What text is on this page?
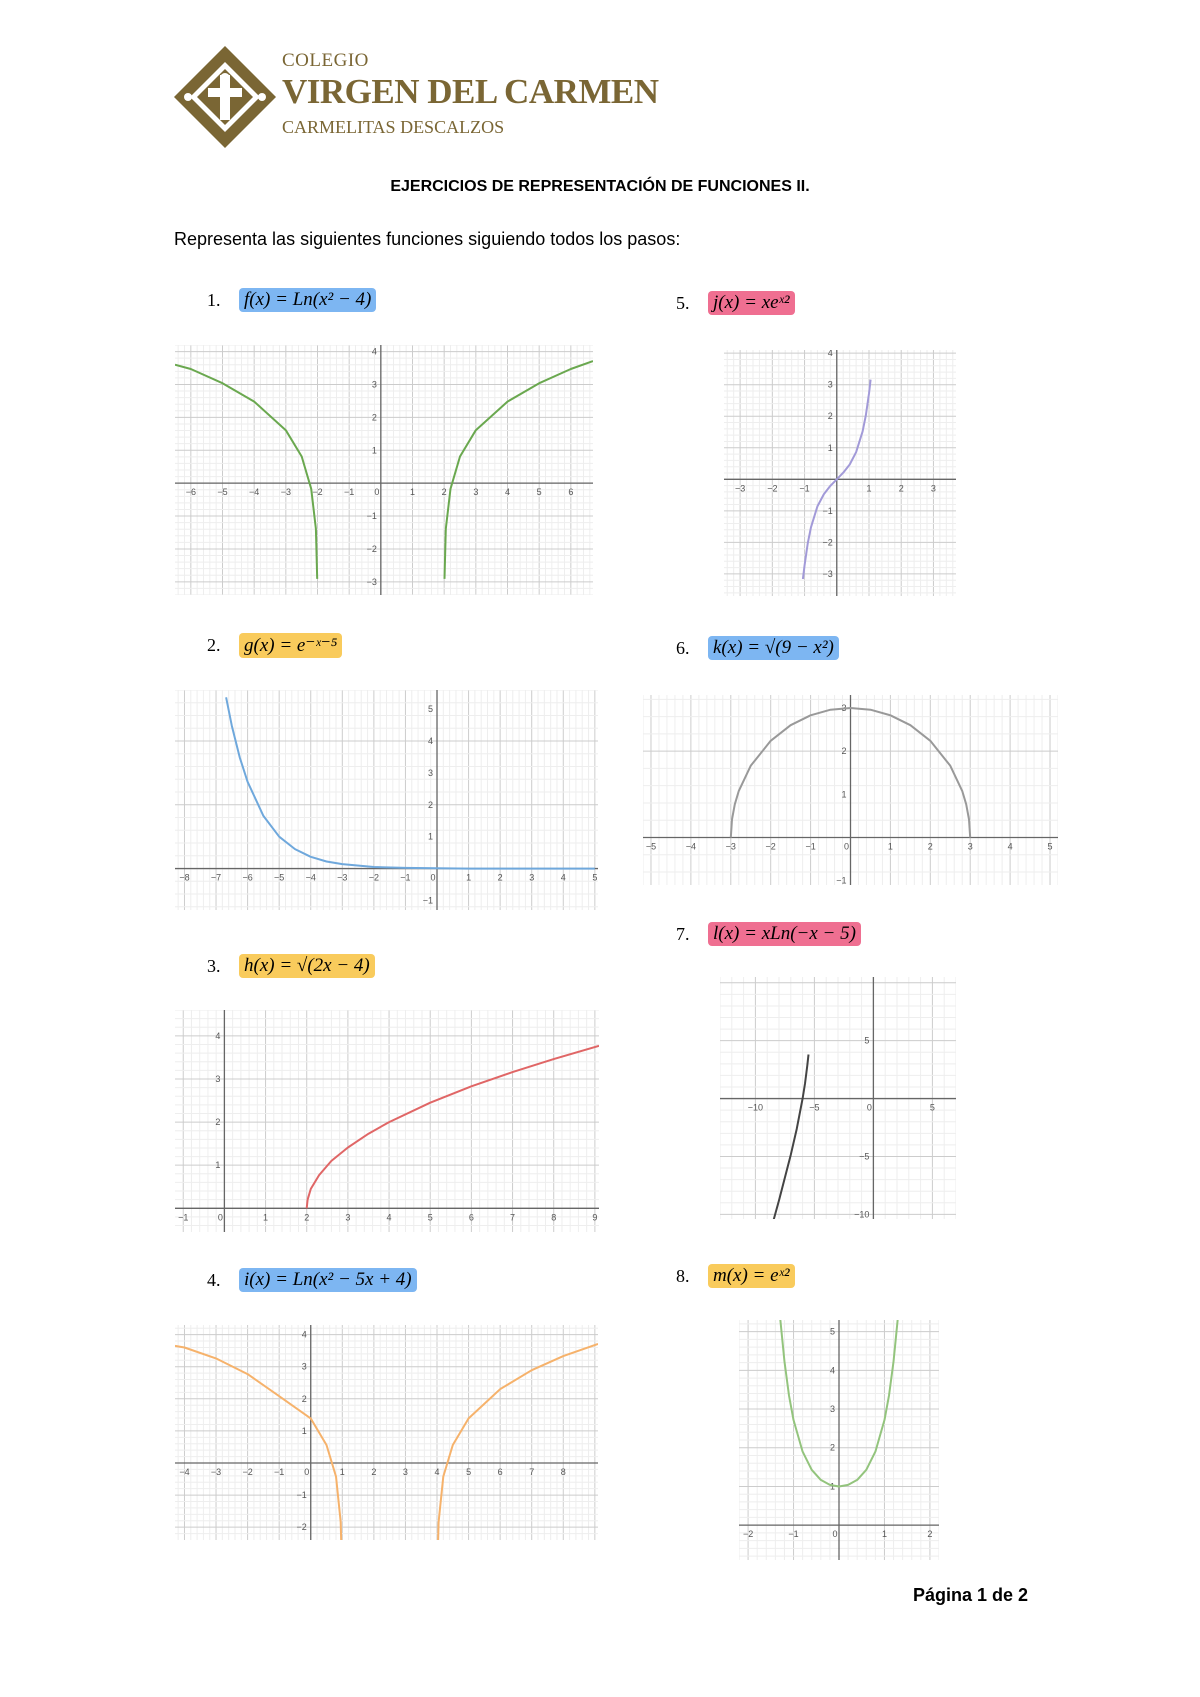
COLEGIO
VIRGEN DEL CARMEN
CARMELITAS DESCALZOS
EJERCICIOS DE REPRESENTACIÓN DE FUNCIONES II.
Representa las siguientes funciones siguiendo todos los pasos:
1.	f(x) = Ln(x² − 4)	5.	j(x) = xeˣ²
2.	g(x) = e⁻ˣ⁻⁵	6.	k(x) = √(9 − x²)
7.	l(x) = xLn(−x − 5)
3.	h(x) = √(2x − 4)
4.	i(x) = Ln(x² − 5x + 4)	8.	m(x) = eˣ²
−6 −5 −4 −3 −2 −1 0	1	2	3	4	5	6
−3
−2
−1
1
2
3
4
−3 −2 −1	1	2	3
−3
−2
−1
1
2
3
4
−8 −7 −6 −5 −4 −3 −2 −1 0	1	2	3	4	5
−1
1
2
3
4
5
−5	−4	−3	−2	−1	0	1	2	3	4	5
−1
1
2
3
−1	0	1	2	3	4	5	6	7	8	9
1
2
3
4
−10	−5	0	5
−10
−5
5
−4 −3 −2 −1 0	1	2	3	4	5	6	7	8
−2
−1
1
2
3
4
−2	−1	0	1	2
1
2
3
4
5
Página 1 de 2
